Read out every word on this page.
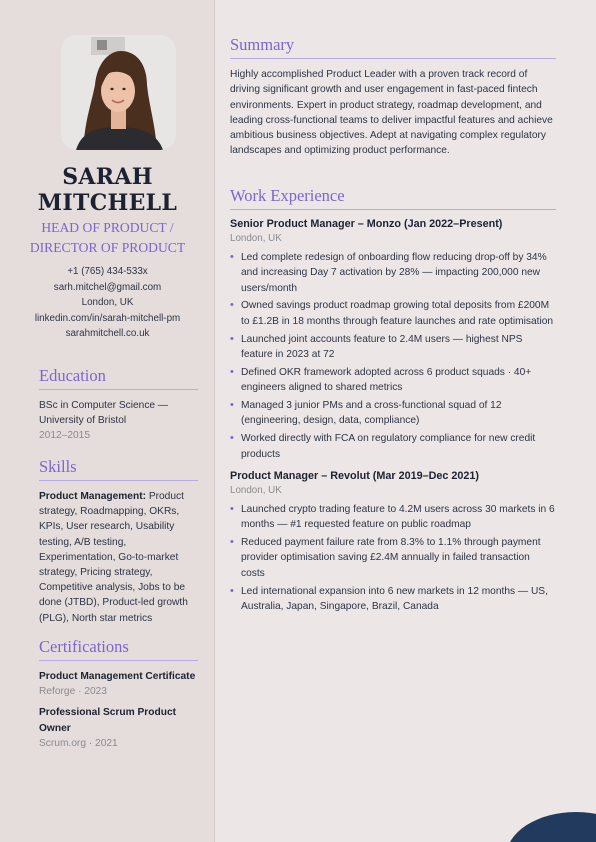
SARAH MITCHELL
HEAD OF PRODUCT /
DIRECTOR OF PRODUCT
+1 (765) 434-533x
sarh.mitchel@gmail.com
London, UK
linkedin.com/in/sarah-mitchell-pm
sarahmitchell.co.uk
Education
BSc in Computer Science — University of Bristol
2012–2015
Skills
Product Management: Product strategy, Roadmapping, OKRs, KPIs, User research, Usability testing, A/B testing, Experimentation, Go-to-market strategy, Pricing strategy, Competitive analysis, Jobs to be done (JTBD), Product-led growth (PLG), North star metrics
Certifications
Product Management Certificate
Reforge · 2023
Professional Scrum Product Owner
Scrum.org · 2021
Summary
Highly accomplished Product Leader with a proven track record of driving significant growth and user engagement in fast-paced fintech environments. Expert in product strategy, roadmap development, and leading cross-functional teams to deliver impactful features and achieve ambitious business objectives. Adept at navigating complex regulatory landscapes and optimizing product performance.
Work Experience
Senior Product Manager – Monzo (Jan 2022–Present)
London, UK
• Led complete redesign of onboarding flow reducing drop-off by 34% and increasing Day 7 activation by 28% — impacting 200,000 new users/month
• Owned savings product roadmap growing total deposits from £200M to £1.2B in 18 months through feature launches and rate optimisation
• Launched joint accounts feature to 2.4M users — highest NPS feature in 2023 at 72
• Defined OKR framework adopted across 6 product squads · 40+ engineers aligned to shared metrics
• Managed 3 junior PMs and a cross-functional squad of 12 (engineering, design, data, compliance)
• Worked directly with FCA on regulatory compliance for new credit products
Product Manager – Revolut (Mar 2019–Dec 2021)
London, UK
• Launched crypto trading feature to 4.2M users across 30 markets in 6 months — #1 requested feature on public roadmap
• Reduced payment failure rate from 8.3% to 1.1% through payment provider optimisation saving £2.4M annually in failed transaction costs
• Led international expansion into 6 new markets in 12 months — US, Australia, Japan, Singapore, Brazil, Canada
